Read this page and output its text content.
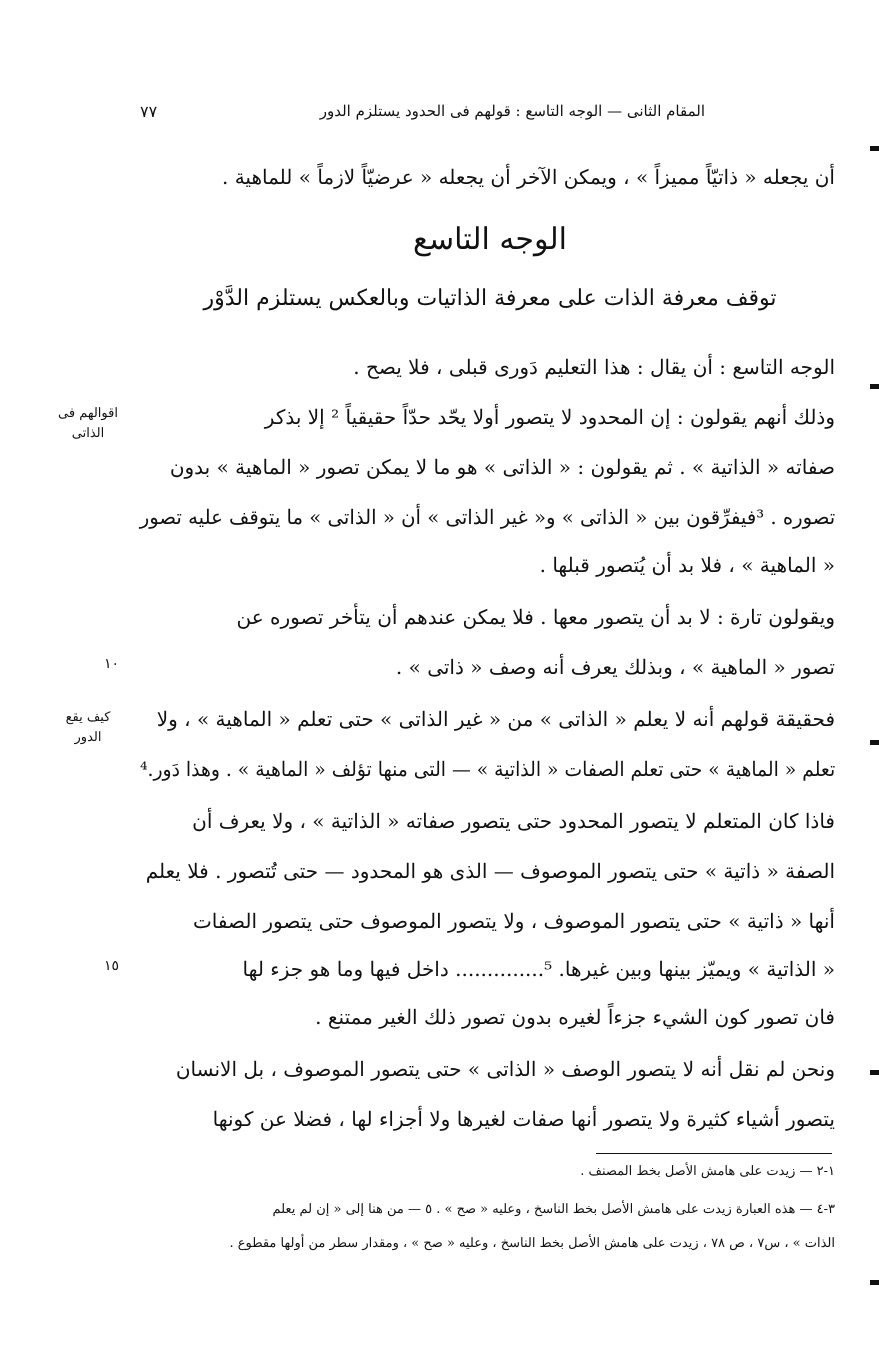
المقام الثانى — الوجه التاسع : قولهم فى الحدود يستلزم الدور
٧٧
أن يجعله « ذاتيّاً مميزاً » ، ويمكن الآخر أن يجعله « عرضيّاً لازماً » للماهية .
الوجه التاسع
توقف معرفة الذات على معرفة الذاتيات وبالعكس يستلزم الدَّوْر
الوجه التاسع : أن يقال : هذا التعليم دَورى قبلى ، فلا يصح .
وذلك أنهم يقولون : إن المحدود لا يتصور أولا يحّد حدّاً حقيقياً ² إلا بذكر
صفاته « الذاتية » . ثم يقولون : « الذاتى » هو ما لا يمكن تصور « الماهية » بدون
تصوره . ³فيفرِّقون بين « الذاتى » و« غير الذاتى » أن « الذاتى » ما يتوقف عليه تصور
« الماهية » ، فلا بد أن يُتصور قبلها .
ويقولون تارة : لا بد أن يتصور معها . فلا يمكن عندهم أن يتأخر تصوره عن
تصور « الماهية » ، وبذلك يعرف أنه وصف « ذاتى » .
فحقيقة قولهم أنه لا يعلم « الذاتى » من « غير الذاتى » حتى تعلم « الماهية » ، ولا
تعلم « الماهية » حتى تعلم الصفات « الذاتية » — التى منها تؤلف « الماهية » . وهذا دَور.⁴
فاذا كان المتعلم لا يتصور المحدود حتى يتصور صفاته « الذاتية » ، ولا يعرف أن
الصفة « ذاتية » حتى يتصور الموصوف — الذى هو المحدود — حتى تُتصور . فلا يعلم
أنها « ذاتية » حتى يتصور الموصوف ، ولا يتصور الموصوف حتى يتصور الصفات
« الذاتية » ويميّز بينها وبين غيرها. ⁵.............. داخل فيها وما هو جزء لها
فان تصور كون الشيء جزءاً لغيره بدون تصور ذلك الغير ممتنع .
ونحن لم نقل أنه لا يتصور الوصف « الذاتى » حتى يتصور الموصوف ، بل الانسان
يتصور أشياء كثيرة ولا يتصور أنها صفات لغيرها ولا أجزاء لها ، فضلا عن كونها
اقوالهم فى الذاتى
كيف يقع الدور
١٠
١٥
١-٢ — زيدت على هامش الأصل بخط المصنف .
٣-٤ — هذه العبارة زيدت على هامش الأصل بخط الناسخ ، وعليه « صح » . ٥ — من هنا إلى « إن لم يعلم
الذات » ، س٧ ، ص ٧٨ ، زيدت على هامش الأصل بخط الناسخ ، وعليه « صح » ، ومقدار سطر من أولها مقطوع .
